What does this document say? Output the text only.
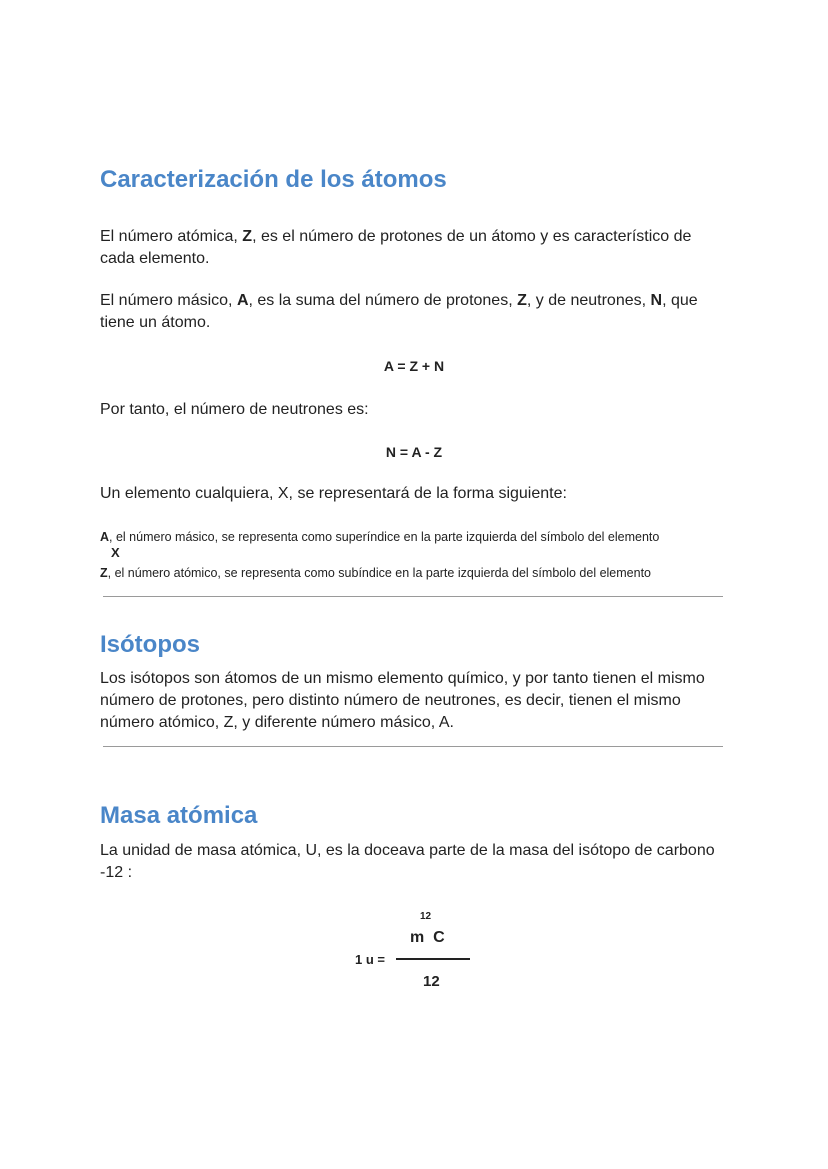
Caracterización de los átomos

El número atómica, Z, es el número de protones de un átomo y es característico de cada elemento.

El número másico, A, es la suma del número de protones, Z, y de neutrones, N, que tiene un átomo.

A = Z + N

Por tanto, el número de neutrones es:

N = A - Z

Un elemento cualquiera, X, se representará de la forma siguiente:

A, el número másico, se representa como superíndice en la parte izquierda del símbolo del elemento

X

Z, el número atómico, se representa como subíndice en la parte izquierda del símbolo del elemento

Isótopos

Los isótopos son átomos de un mismo elemento químico, y por tanto tienen el mismo número de protones, pero distinto número de neutrones, es decir, tienen el mismo número atómico, Z, y diferente número másico, A.

Masa atómica

La unidad de masa atómica, U, es la doceava parte de la masa del isótopo de carbono -12 :

12
m  C
1 u =
12
